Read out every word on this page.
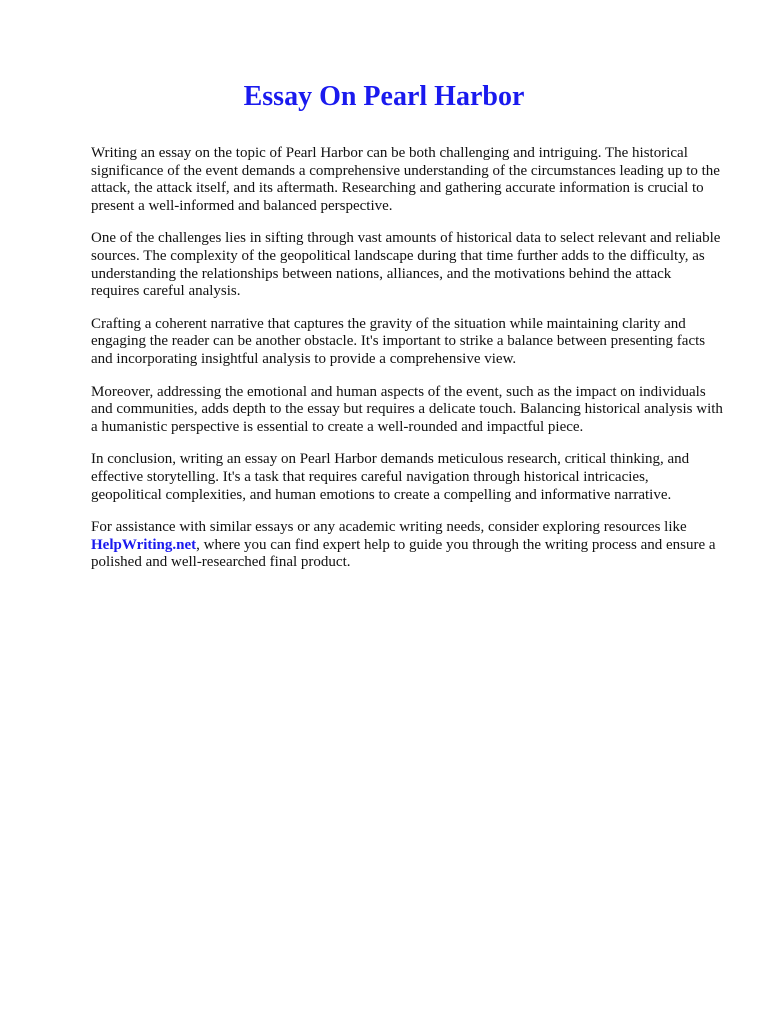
Essay On Pearl Harbor

Writing an essay on the topic of Pearl Harbor can be both challenging and intriguing. The historical significance of the event demands a comprehensive understanding of the circumstances leading up to the attack, the attack itself, and its aftermath. Researching and gathering accurate information is crucial to present a well-informed and balanced perspective.

One of the challenges lies in sifting through vast amounts of historical data to select relevant and reliable sources. The complexity of the geopolitical landscape during that time further adds to the difficulty, as understanding the relationships between nations, alliances, and the motivations behind the attack requires careful analysis.

Crafting a coherent narrative that captures the gravity of the situation while maintaining clarity and engaging the reader can be another obstacle. It's important to strike a balance between presenting facts and incorporating insightful analysis to provide a comprehensive view.

Moreover, addressing the emotional and human aspects of the event, such as the impact on individuals and communities, adds depth to the essay but requires a delicate touch. Balancing historical analysis with a humanistic perspective is essential to create a well-rounded and impactful piece.

In conclusion, writing an essay on Pearl Harbor demands meticulous research, critical thinking, and effective storytelling. It's a task that requires careful navigation through historical intricacies, geopolitical complexities, and human emotions to create a compelling and informative narrative.

For assistance with similar essays or any academic writing needs, consider exploring resources like HelpWriting.net, where you can find expert help to guide you through the writing process and ensure a polished and well-researched final product.
